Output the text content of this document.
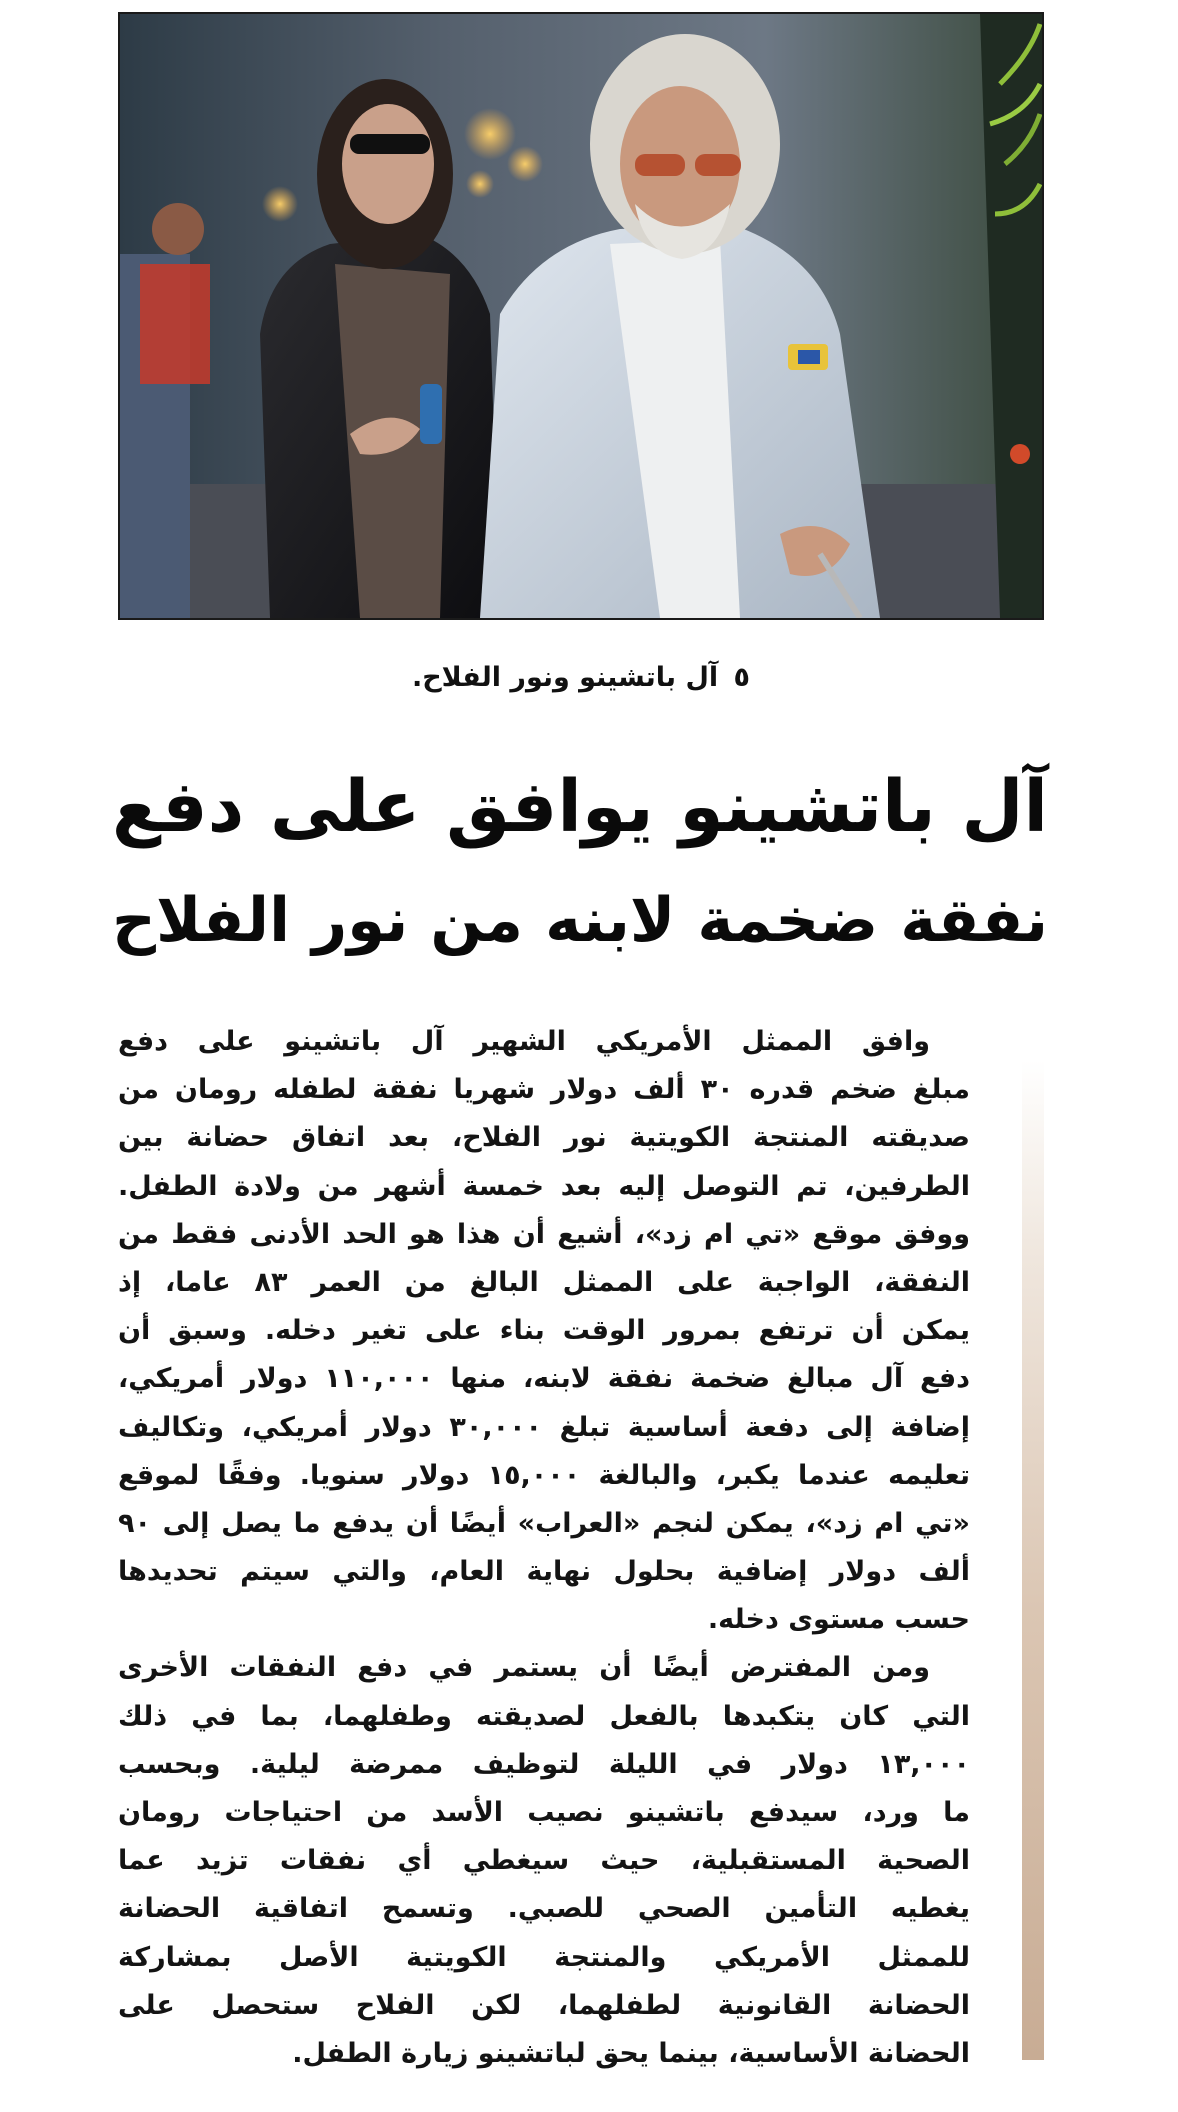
٥ آل باتشينو ونور الفلاح.
آل باتشينو يوافق على دفع
نفقة ضخمة لابنه من نور الفلاح
وافق الممثل الأمريكي الشهير آل باتشينو على دفع
مبلغ ضخم قدره ٣٠ ألف دولار شهريا نفقة لطفله رومان من
صديقته المنتجة الكويتية نور الفلاح، بعد اتفاق حضانة بين
الطرفين، تم التوصل إليه بعد خمسة أشهر من ولادة الطفل.
ووفق موقع «تي ام زد»، أشيع أن هذا هو الحد الأدنى فقط من
النفقة، الواجبة على الممثل البالغ من العمر ٨٣ عاما، إذ
يمكن أن ترتفع بمرور الوقت بناء على تغير دخله. وسبق أن
دفع آل مبالغ ضخمة نفقة لابنه، منها ١١٠,٠٠٠ دولار أمريكي،
إضافة إلى دفعة أساسية تبلغ ٣٠,٠٠٠ دولار أمريكي، وتكاليف
تعليمه عندما يكبر، والبالغة ١٥,٠٠٠ دولار سنويا. وفقًا لموقع
«تي ام زد»، يمكن لنجم «العراب» أيضًا أن يدفع ما يصل إلى ٩٠
ألف دولار إضافية بحلول نهاية العام، والتي سيتم تحديدها
حسب مستوى دخله.
ومن المفترض أيضًا أن يستمر في دفع النفقات الأخرى
التي كان يتكبدها بالفعل لصديقته وطفلهما، بما في ذلك
١٣,٠٠٠ دولار في الليلة لتوظيف ممرضة ليلية. وبحسب
ما ورد، سيدفع باتشينو نصيب الأسد من احتياجات رومان
الصحية المستقبلية، حيث سيغطي أي نفقات تزيد عما
يغطيه التأمين الصحي للصبي. وتسمح اتفاقية الحضانة
للممثل الأمريكي والمنتجة الكويتية الأصل بمشاركة
الحضانة القانونية لطفلهما، لكن الفلاح ستحصل على
الحضانة الأساسية، بينما يحق لباتشينو زيارة الطفل.
